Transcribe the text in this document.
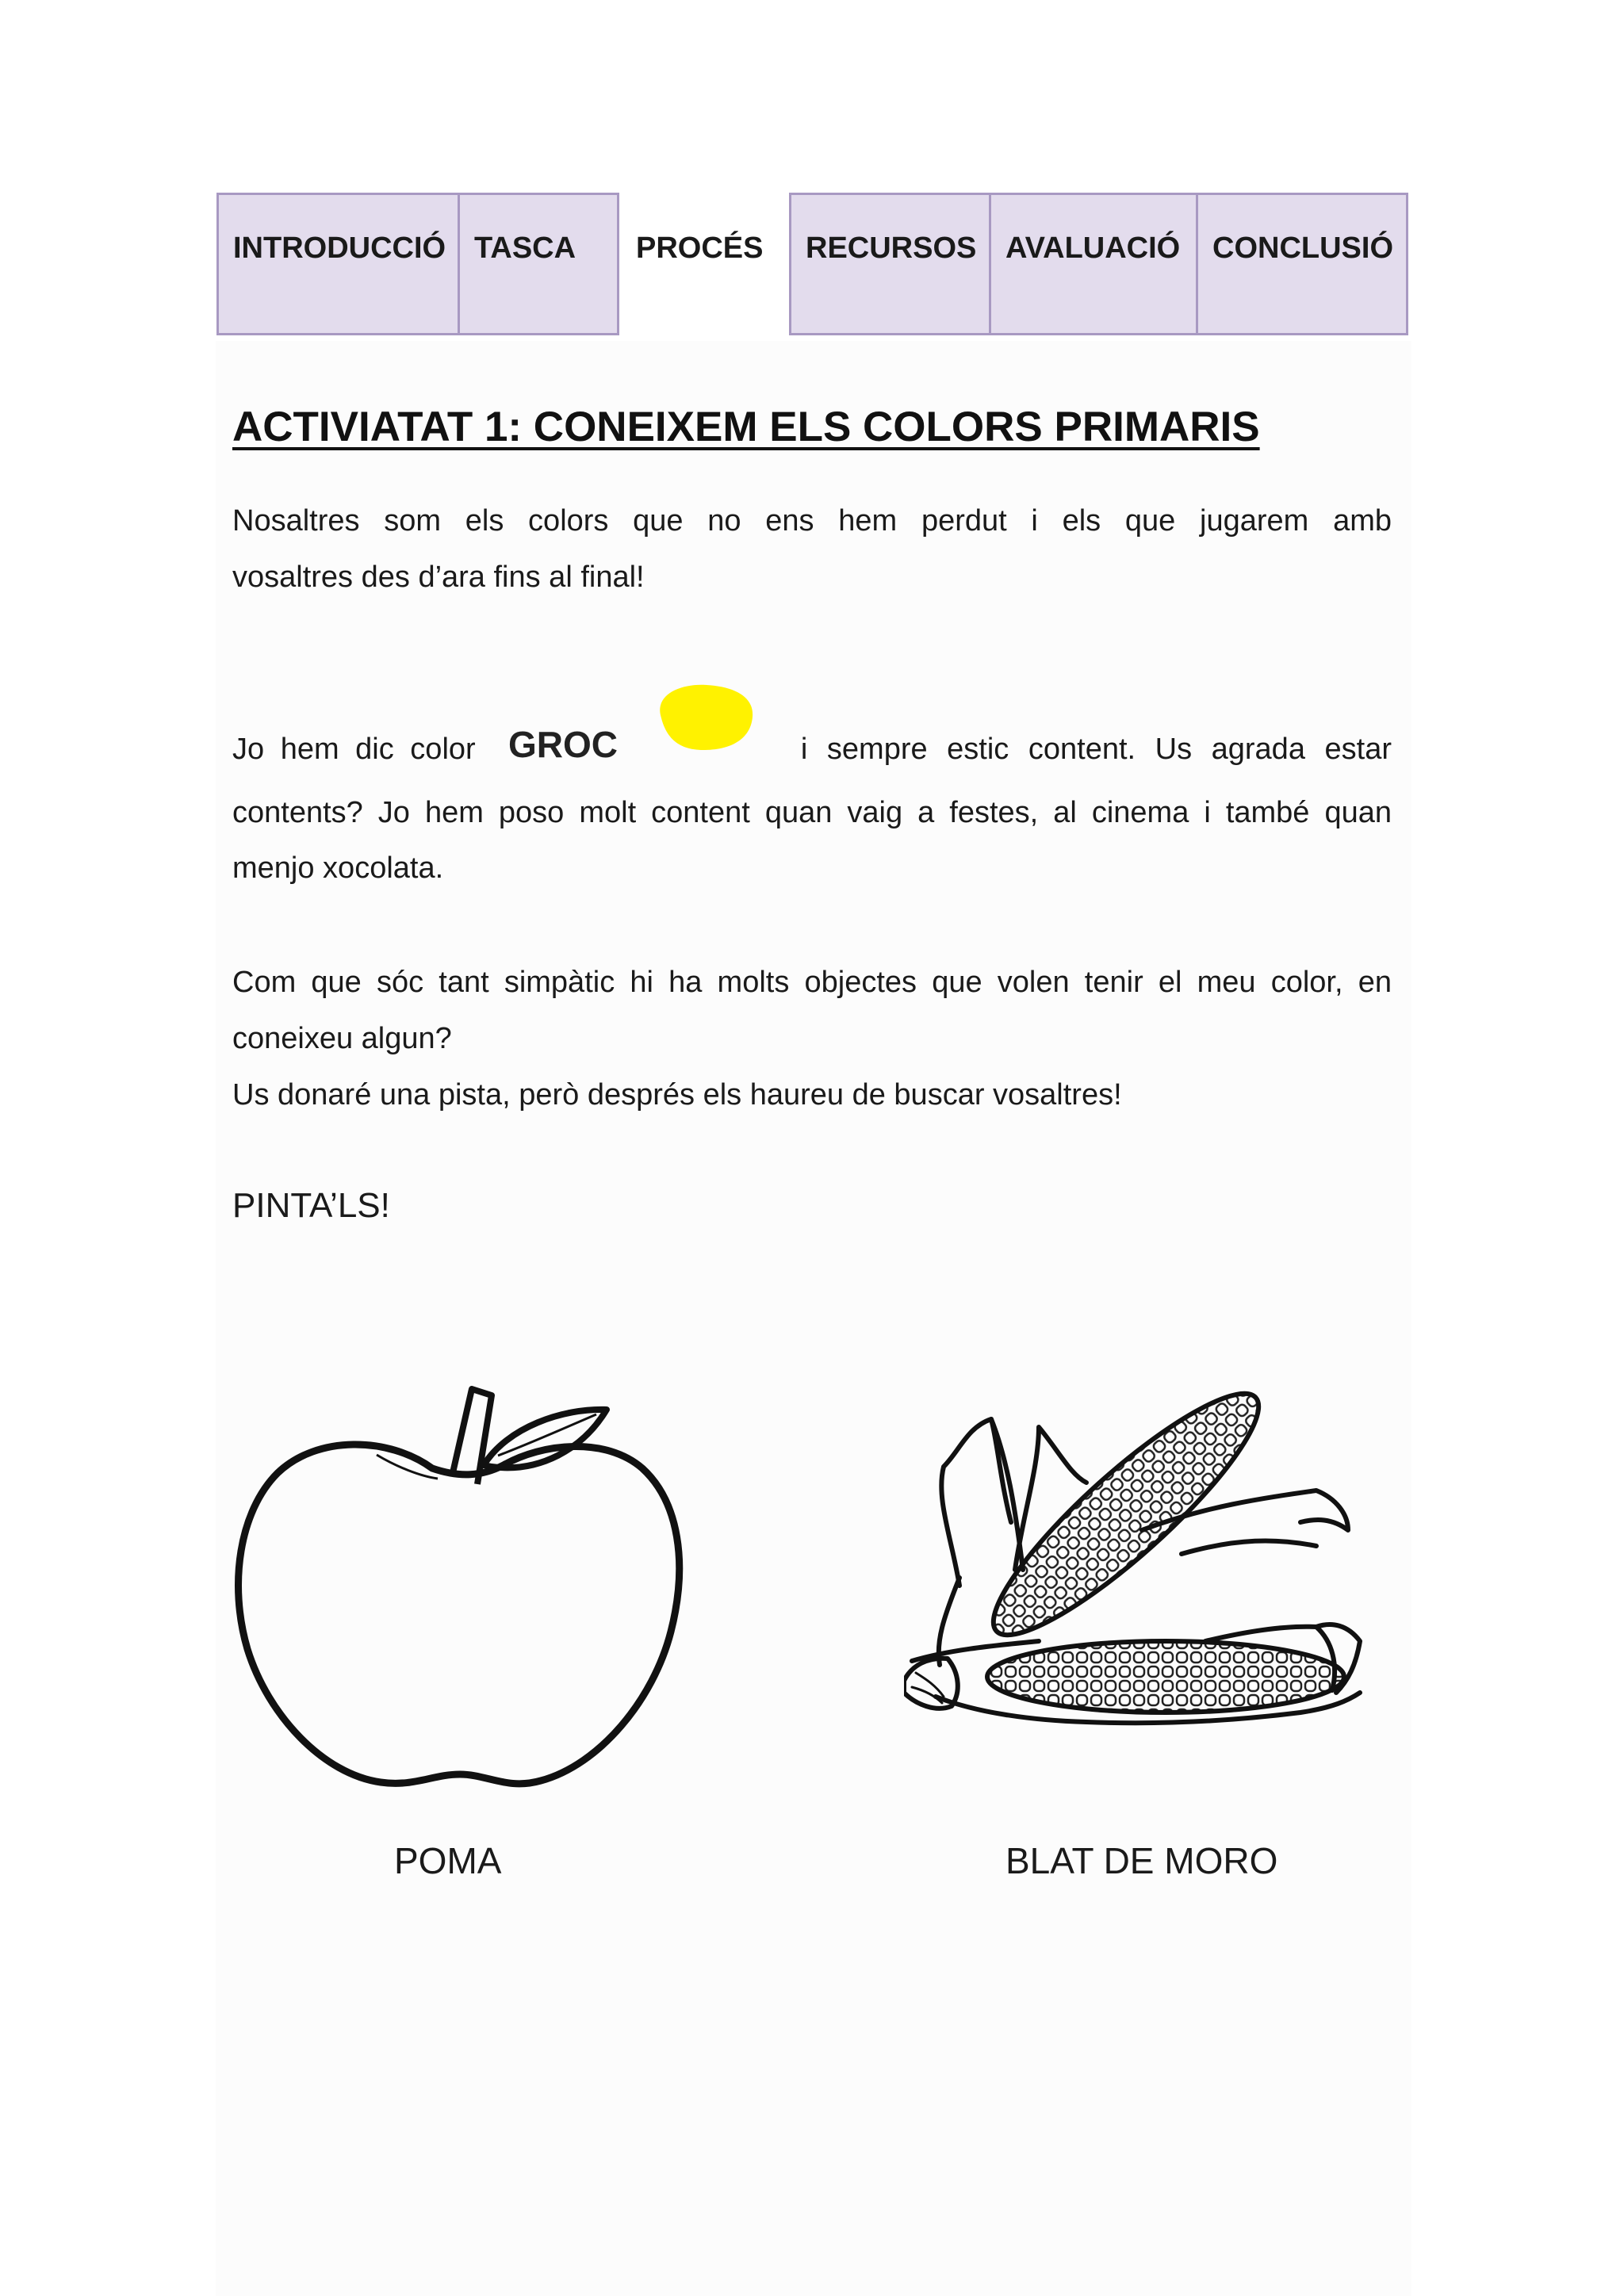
INTRODUCCIÓ TASCA	PROCÉS	RECURSOS AVALUACIÓ	CONCLUSIÓ
ACTIVIATAT 1: CONEIXEM ELS COLORS PRIMARIS

Nosaltres som els colors que no ens hem perdut i els que jugarem amb

vosaltres des d’ara fins al final!

Jo hem dic color GROC	i sempre estic content. Us agrada estar

contents? Jo hem poso molt content quan vaig a festes, al cinema i també quan

menjo xocolata.

Com que sóc tant simpàtic hi ha molts objectes que volen tenir el meu color, en

coneixeu algun?

Us donaré una pista, però després els haureu de buscar vosaltres!

PINTA’LS!

POMA	BLAT DE MORO
